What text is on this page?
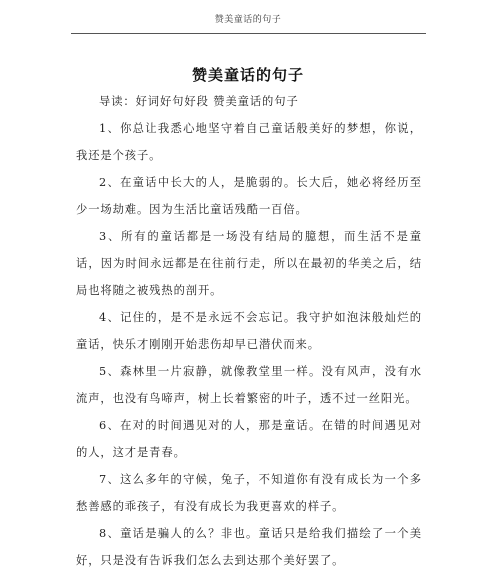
赞美童话的句子
赞美童话的句子

导读：好词好句好段 赞美童话的句子

1、你总让我悉心地坚守着自己童话般美好的梦想，你说，我还是个孩子。

2、在童话中长大的人，是脆弱的。长大后，她必将经历至少一场劫难。因为生活比童话残酷一百倍。

3、所有的童话都是一场没有结局的臆想，而生活不是童话，因为时间永远都是在往前行走，所以在最初的华美之后，结局也将随之被残热的剖开。

4、记住的，是不是永远不会忘记。我守护如泡沫般灿烂的童话，快乐才刚刚开始悲伤却早已潜伏而来。

5、森林里一片寂静，就像教堂里一样。没有风声，没有水流声，也没有鸟啼声，树上长着繁密的叶子，透不过一丝阳光。

6、在对的时间遇见对的人，那是童话。在错的时间遇见对的人，这才是青春。

7、这么多年的守候，兔子，不知道你有没有成长为一个多愁善感的乖孩子，有没有成长为我更喜欢的样子。

8、童话是骗人的么？非也。童话只是给我们描绘了一个美好，只是没有告诉我们怎么去到达那个美好罢了。
